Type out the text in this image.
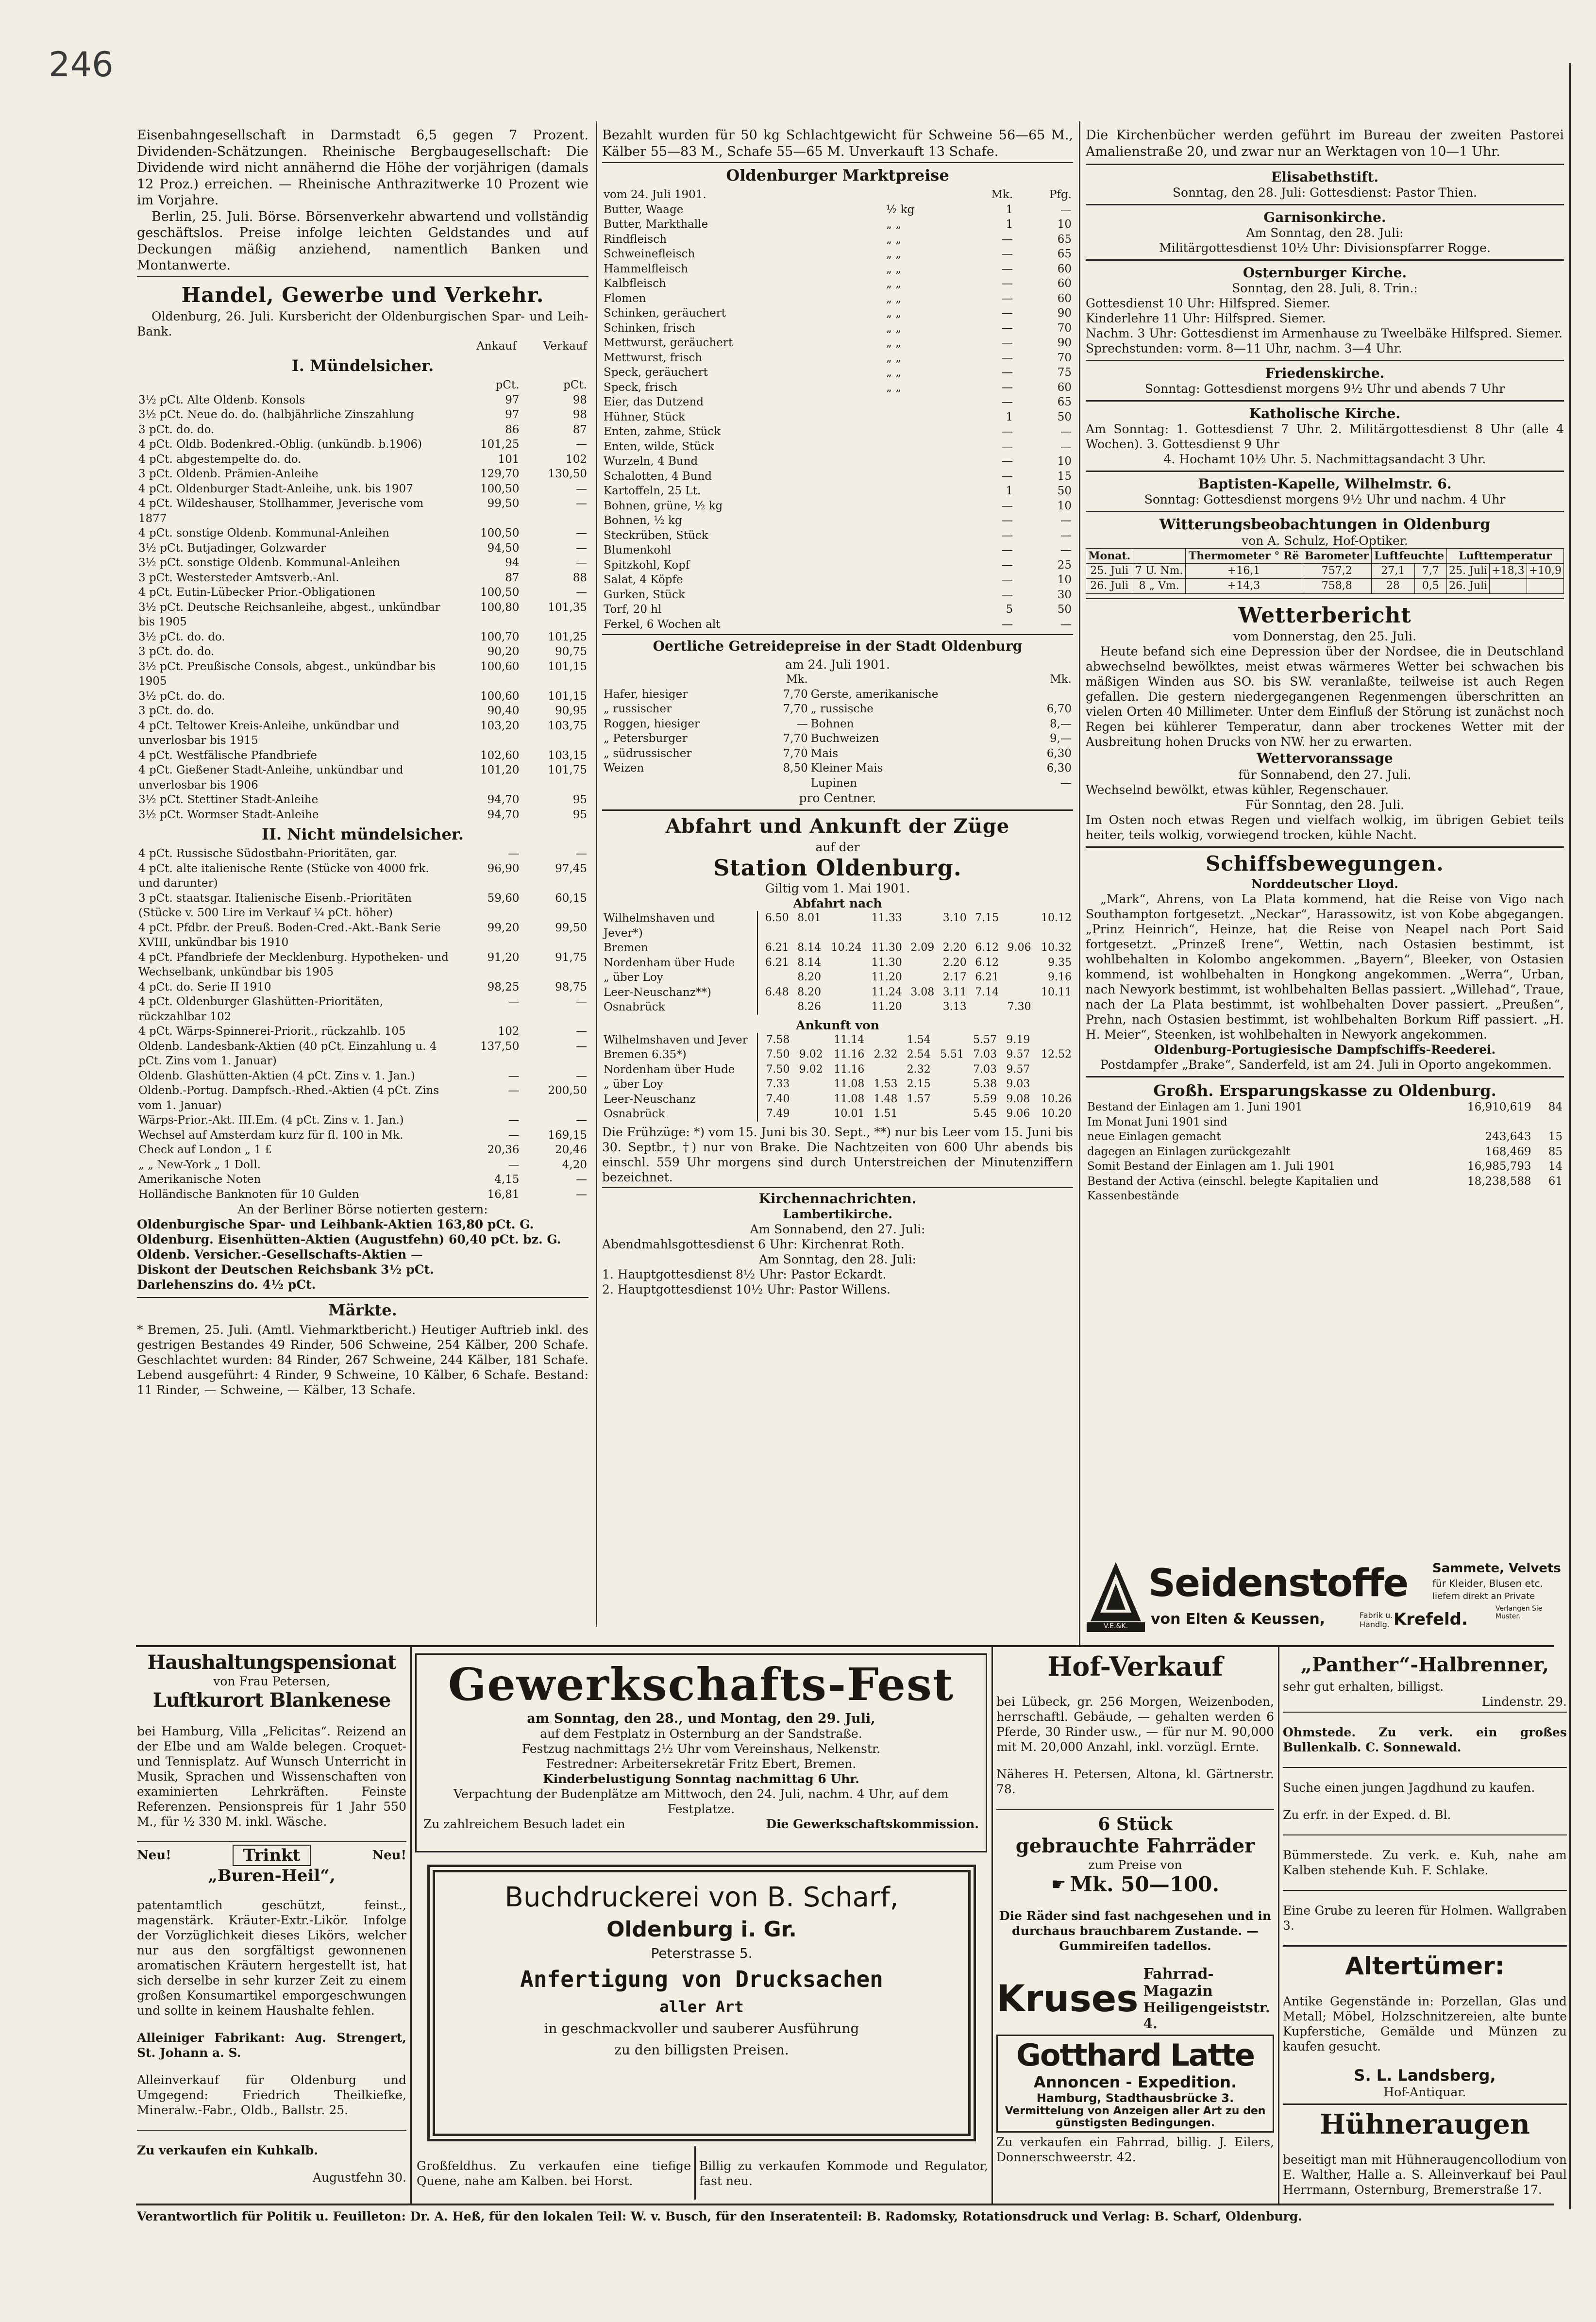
246

Eisenbahngesellschaft in Darmstadt 6,5 gegen 7 Prozent. Dividenden-Schätzungen. Rheinische Bergbaugesellschaft: Die Dividende wird nicht annähernd die Höhe der vorjährigen (damals 12 Proz.) erreichen. — Rheinische Anthrazitwerke 10 Prozent wie im Vorjahre.

Berlin, 25. Juli. Börse. Börsenverkehr abwartend und vollständig geschäftslos. Preise infolge leichten Geldstandes und auf Deckungen mäßig anziehend, namentlich Banken und Montanwerte.

Handel, Gewerbe und Verkehr.

Oldenburg, 26. Juli. Kursbericht der Oldenburgischen Spar- und Leih-Bank.

	Ankauf	Verkauf
I. Mündelsicher.
	pCt.	pCt.
3½ pCt. Alte Oldenb. Konsols	97	98
3½ pCt. Neue do. do. (halbjährliche Zinszahlung	97	98
3 pCt. do. do.	86	87
4 pCt. Oldb. Bodenkred.-Oblig. (unkündb. b.1906)	101,25	—
4 pCt. abgestempelte do. do.	101	102
3 pCt. Oldenb. Prämien-Anleihe	129,70	130,50
4 pCt. Oldenburger Stadt-Anleihe, unk. bis 1907	100,50	—
4 pCt. Wildeshauser, Stollhammer, Jeverische vom 1877	99,50	—
4 pCt. sonstige Oldenb. Kommunal-Anleihen	100,50	—
3½ pCt. Butjadinger, Golzwarder	94,50	—
3½ pCt. sonstige Oldenb. Kommunal-Anleihen	94	—
3 pCt. Westersteder Amtsverb.-Anl.	87	88
4 pCt. Eutin-Lübecker Prior.-Obligationen	100,50	—
3½ pCt. Deutsche Reichsanleihe, abgest., unkündbar bis 1905	100,80	101,35
3½ pCt. do. do.	100,70	101,25
3 pCt. do. do.	90,20	90,75
3½ pCt. Preußische Consols, abgest., unkündbar bis 1905	100,60	101,15
3½ pCt. do. do.	100,60	101,15
3 pCt. do. do.	90,40	90,95
4 pCt. Teltower Kreis-Anleihe, unkündbar und unverlosbar bis 1915	103,20	103,75
4 pCt. Westfälische Pfandbriefe	102,60	103,15
4 pCt. Gießener Stadt-Anleihe, unkündbar und unverlosbar bis 1906	101,20	101,75
3½ pCt. Stettiner Stadt-Anleihe	94,70	95
3½ pCt. Wormser Stadt-Anleihe	94,70	95
II. Nicht mündelsicher.
4 pCt. Russische Südostbahn-Prioritäten, gar.	—	—
4 pCt. alte italienische Rente (Stücke von 4000 frk. und darunter)	96,90	97,45
3 pCt. staatsgar. Italienische Eisenb.-Prioritäten (Stücke v. 500 Lire im Verkauf ¼ pCt. höher)	59,60	60,15
4 pCt. Pfdbr. der Preuß. Boden-Cred.-Akt.-Bank Serie XVIII, unkündbar bis 1910	99,20	99,50
4 pCt. Pfandbriefe der Mecklenburg. Hypotheken- und Wechselbank, unkündbar bis 1905	91,20	91,75
4 pCt. do. Serie II 1910	98,25	98,75
4 pCt. Oldenburger Glashütten-Prioritäten, rückzahlbar 102	—	—
4 pCt. Wärps-Spinnerei-Priorit., rückzahlb. 105	102	—
Oldenb. Landesbank-Aktien (40 pCt. Einzahlung u. 4 pCt. Zins vom 1. Januar)	137,50	—
Oldenb. Glashütten-Aktien (4 pCt. Zins v. 1. Jan.)	—	—
Oldenb.-Portug. Dampfsch.-Rhed.-Aktien (4 pCt. Zins vom 1. Januar)	—	200,50
Wärps-Prior.-Akt. III.Em. (4 pCt. Zins v. 1. Jan.)	—	—
Wechsel auf Amsterdam kurz für fl. 100 in Mk.	—	169,15
Check auf London „ 1 £	20,36	20,46
„ „ New-York „ 1 Doll.	—	4,20
Amerikanische Noten	4,15	—
Holländische Banknoten für 10 Gulden	16,81	—

An der Berliner Börse notierten gestern:

Oldenburgische Spar- und Leihbank-Aktien 163,80 pCt. G.

Oldenburg. Eisenhütten-Aktien (Augustfehn) 60,40 pCt. bz. G.

Oldenb. Versicher.-Gesellschafts-Aktien —

Diskont der Deutschen Reichsbank 3½ pCt.

Darlehenszins do. 4½ pCt.

Märkte.

* Bremen, 25. Juli. (Amtl. Viehmarktbericht.) Heutiger Auftrieb inkl. des gestrigen Bestandes 49 Rinder, 506 Schweine, 254 Kälber, 200 Schafe. Geschlachtet wurden: 84 Rinder, 267 Schweine, 244 Kälber, 181 Schafe. Lebend ausgeführt: 4 Rinder, 9 Schweine, 10 Kälber, 6 Schafe. Bestand: 11 Rinder, — Schweine, — Kälber, 13 Schafe.

Bezahlt wurden für 50 kg Schlachtgewicht für Schweine 56—65 M., Kälber 55—83 M., Schafe 55—65 M. Unverkauft 13 Schafe.

Oldenburger Marktpreise
vom 24. Juli 1901.		Mk.	Pfg.
Butter, Waage	½ kg	1	—
Butter, Markthalle	„ „	1	10
Rindfleisch	„ „	—	65
Schweinefleisch	„ „	—	65
Hammelfleisch	„ „	—	60
Kalbfleisch	„ „	—	60
Flomen	„ „	—	60
Schinken, geräuchert	„ „	—	90
Schinken, frisch	„ „	—	70
Mettwurst, geräuchert	„ „	—	90
Mettwurst, frisch	„ „	—	70
Speck, geräuchert	„ „	—	75
Speck, frisch	„ „	—	60
Eier, das Dutzend		—	65
Hühner, Stück		1	50
Enten, zahme, Stück		—	—
Enten, wilde, Stück		—	—
Wurzeln, 4 Bund		—	10
Schalotten, 4 Bund		—	15
Kartoffeln, 25 Lt.		1	50
Bohnen, grüne, ½ kg		—	10
Bohnen, ½ kg		—	—
Steckrüben, Stück		—	—
Blumenkohl		—	—
Spitzkohl, Kopf		—	25
Salat, 4 Köpfe		—	10
Gurken, Stück		—	30
Torf, 20 hl		5	50
Ferkel, 6 Wochen alt		—	—
Oertliche Getreidepreise in der Stadt Oldenburg
am 24. Juli 1901.
	Mk.		Mk.
Hafer, hiesiger	7,70	Gerste, amerikanische	
„ russischer	7,70	„ russische	6,70
Roggen, hiesiger	—	Bohnen	8,—
„ Petersburger	7,70	Buchweizen	9,—
„ südrussischer	7,70	Mais	6,30
Weizen	8,50	Kleiner Mais	6,30
		Lupinen	—
pro Centner.
Abfahrt und Ankunft der Züge
auf der
Station Oldenburg.
Giltig vom 1. Mai 1901.
Abfahrt nach
Wilhelmshaven und Jever*)	6.50	8.01		11.33		3.10	7.15		10.12
Bremen	6.21	8.14	10.24	11.30	2.09	2.20	6.12	9.06	10.32
Nordenham über Hude	6.21	8.14		11.30		2.20	6.12		9.35
„ über Loy		8.20		11.20		2.17	6.21		9.16
Leer-Neuschanz**)	6.48	8.20		11.24	3.08	3.11	7.14		10.11
Osnabrück		8.26		11.20		3.13		7.30	
Ankunft von
Wilhelmshaven und Jever	7.58		11.14		1.54		5.57	9.19	
Bremen 6.35*)	7.50	9.02	11.16	2.32	2.54	5.51	7.03	9.57	12.52
Nordenham über Hude	7.50	9.02	11.16		2.32		7.03	9.57	
„ über Loy	7.33		11.08	1.53	2.15		5.38	9.03	
Leer-Neuschanz	7.40		11.08	1.48	1.57		5.59	9.08	10.26
Osnabrück	7.49		10.01	1.51			5.45	9.06	10.20

Die Frühzüge: *) vom 15. Juni bis 30. Sept., **) nur bis Leer vom 15. Juni bis 30. Septbr., †) nur von Brake. Die Nachtzeiten von 600 Uhr abends bis einschl. 559 Uhr morgens sind durch Unterstreichen der Minutenziffern bezeichnet.

Kirchennachrichten.
Lambertikirche.

Am Sonnabend, den 27. Juli:

Abendmahlsgottesdienst 6 Uhr: Kirchenrat Roth.

Am Sonntag, den 28. Juli:

1. Hauptgottesdienst 8½ Uhr: Pastor Eckardt.

2. Hauptgottesdienst 10½ Uhr: Pastor Willens.

Die Kirchenbücher werden geführt im Bureau der zweiten Pastorei Amalienstraße 20, und zwar nur an Werktagen von 10—1 Uhr.

Elisabethstift.

Sonntag, den 28. Juli: Gottesdienst: Pastor Thien.

Garnisonkirche.

Am Sonntag, den 28. Juli:

Militärgottesdienst 10½ Uhr: Divisionspfarrer Rogge.

Osternburger Kirche.

Sonntag, den 28. Juli, 8. Trin.:

Gottesdienst 10 Uhr: Hilfspred. Siemer.

Kinderlehre 11 Uhr: Hilfspred. Siemer.

Nachm. 3 Uhr: Gottesdienst im Armenhause zu Tweelbäke Hilfspred. Siemer.

Sprechstunden: vorm. 8—11 Uhr, nachm. 3—4 Uhr.

Friedenskirche.

Sonntag: Gottesdienst morgens 9½ Uhr und abends 7 Uhr

Katholische Kirche.

Am Sonntag: 1. Gottesdienst 7 Uhr. 2. Militärgottesdienst 8 Uhr (alle 4 Wochen). 3. Gottesdienst 9 Uhr

4. Hochamt 10½ Uhr. 5. Nachmittagsandacht 3 Uhr.

Baptisten-Kapelle, Wilhelmstr. 6.

Sonntag: Gottesdienst morgens 9½ Uhr und nachm. 4 Uhr

Witterungsbeobachtungen in Oldenburg
von A. Schulz, Hof-Optiker.
Monat.		Thermometer ° Rë	Barometer	Luftfeuchte		Lufttemperatur		
25. Juli	7 U. Nm.	+16,1	757,2	27,1	7,7	25. Juli	+18,3	+10,9
26. Juli	8 „ Vm.	+14,3	758,8	28	0,5	26. Juli		
Wetterbericht
vom Donnerstag, den 25. Juli.

Heute befand sich eine Depression über der Nordsee, die in Deutschland abwechselnd bewölktes, meist etwas wärmeres Wetter bei schwachen bis mäßigen Winden aus SO. bis SW. veranlaßte, teilweise ist auch Regen gefallen. Die gestern niedergegangenen Regenmengen überschritten an vielen Orten 40 Millimeter. Unter dem Einfluß der Störung ist zunächst noch Regen bei kühlerer Temperatur, dann aber trockenes Wetter mit der Ausbreitung hohen Drucks von NW. her zu erwarten.

Wettervoranssage

für Sonnabend, den 27. Juli.

Wechselnd bewölkt, etwas kühler, Regenschauer.

Für Sonntag, den 28. Juli.

Im Osten noch etwas Regen und vielfach wolkig, im übrigen Gebiet teils heiter, teils wolkig, vorwiegend trocken, kühle Nacht.

Schiffsbewegungen.
Norddeutscher Lloyd.

„Mark“, Ahrens, von La Plata kommend, hat die Reise von Vigo nach Southampton fortgesetzt. „Neckar“, Harassowitz, ist von Kobe abgegangen. „Prinz Heinrich“, Heinze, hat die Reise von Neapel nach Port Said fortgesetzt. „Prinzeß Irene“, Wettin, nach Ostasien bestimmt, ist wohlbehalten in Kolombo angekommen. „Bayern“, Bleeker, von Ostasien kommend, ist wohlbehalten in Hongkong angekommen. „Werra“, Urban, nach Newyork bestimmt, ist wohlbehalten Bellas passiert. „Willehad“, Traue, nach der La Plata bestimmt, ist wohlbehalten Dover passiert. „Preußen“, Prehn, nach Ostasien bestimmt, ist wohlbehalten Borkum Riff passiert. „H. H. Meier“, Steenken, ist wohlbehalten in Newyork angekommen.

Oldenburg-Portugiesische Dampfschiffs-Reederei.

Postdampfer „Brake“, Sanderfeld, ist am 24. Juli in Oporto angekommen.

Großh. Ersparungskasse zu Oldenburg.
Bestand der Einlagen am 1. Juni 1901	16,910,619	84
Im Monat Juni 1901 sind		
neue Einlagen gemacht	243,643	15
dagegen an Einlagen zurückgezahlt	168,469	85
Somit Bestand der Einlagen am 1. Juli 1901	16,985,793	14
Bestand der Activa (einschl. belegte Kapitalien und Kassenbestände	18,238,588	61
V.E.&K.
Seidenstoffe
von Elten & Keussen,	Fabrik u. Handlg. Krefeld.
Sammete, Velvets
für Kleider, Blusen etc.
liefern direkt an Private
Verlangen Sie Muster.
Haushaltungspensionat
von Frau Petersen,
Luftkurort Blankenese

bei Hamburg, Villa „Felicitas“. Reizend an der Elbe und am Walde belegen. Croquet- und Tennisplatz. Auf Wunsch Unterricht in Musik, Sprachen und Wissenschaften von examinierten Lehrkräften. Feinste Referenzen. Pensionspreis für 1 Jahr 550 M., für ½ 330 M. inkl. Wäsche.

Neu!	Trinkt	Neu!
„Buren-Heil“,

patentamtlich geschützt, feinst., magenstärk. Kräuter-Extr.-Likör. Infolge der Vorzüglichkeit dieses Likörs, welcher nur aus den sorgfältigst gewonnenen aromatischen Kräutern hergestellt ist, hat sich derselbe in sehr kurzer Zeit zu einem großen Konsumartikel emporgeschwungen und sollte in keinem Haushalte fehlen.

Alleiniger Fabrikant: Aug. Strengert, St. Johann a. S.

Alleinverkauf für Oldenburg und Umgegend: Friedrich Theilkiefke, Mineralw.-Fabr., Oldb., Ballstr. 25.

Zu verkaufen ein Kuhkalb.

Augustfehn 30.

Gewerkschafts-Fest
am Sonntag, den 28., und Montag, den 29. Juli,
auf dem Festplatz in Osternburg an der Sandstraße.
Festzug nachmittags 2½ Uhr vom Vereinshaus, Nelkenstr.
Festredner: Arbeitersekretär Fritz Ebert, Bremen.
Kinderbelustigung Sonntag nachmittag 6 Uhr.
Verpachtung der Budenplätze am Mittwoch, den 24. Juli, nachm. 4 Uhr, auf dem Festplatze.
Zu zahlreichem Besuch ladet ein	Die Gewerkschaftskommission.
Buchdruckerei von B. Scharf,
Oldenburg i. Gr.
Peterstrasse 5.
Anfertigung von Drucksachen
aller Art
in geschmackvoller und sauberer Ausführung
zu den billigsten Preisen.

Großfeldhus. Zu verkaufen eine tiefige Quene, nahe am Kalben. bei Horst.

Billig zu verkaufen Kommode und Regulator, fast neu.

Hof-Verkauf

bei Lübeck, gr. 256 Morgen, Weizenboden, herrschaftl. Gebäude, — gehalten werden 6 Pferde, 30 Rinder usw., — für nur M. 90,000 mit M. 20,000 Anzahl, inkl. vorzügl. Ernte.

Näheres H. Petersen, Altona, kl. Gärtnerstr. 78.

6 Stück
gebrauchte Fahrräder
zum Preise von
☛ Mk. 50—100.

Die Räder sind fast nachgesehen und in durchaus brauchbarem Zustande. — Gummireifen tadellos.

Kruses
Fahrrad-Magazin
Heiligengeiststr. 4.
Gotthard Latte
Annoncen - Expedition.
Hamburg, Stadthausbrücke 3.
Vermittelung von Anzeigen aller Art zu den günstigsten Bedingungen.

Zu verkaufen ein Fahrrad, billig. J. Eilers, Donnerschweerstr. 42.

„Panther“-Halbrenner,
sehr gut erhalten, billigst.
Lindenstr. 29.

Ohmstede. Zu verk. ein großes Bullenkalb. C. Sonnewald.

Suche einen jungen Jagdhund zu kaufen.

Zu erfr. in der Exped. d. Bl.

Bümmerstede. Zu verk. e. Kuh, nahe am Kalben stehende Kuh. F. Schlake.

Eine Grube zu leeren für Holmen. Wallgraben 3.

Altertümer:

Antike Gegenstände in: Porzellan, Glas und Metall; Möbel, Holzschnitzereien, alte bunte Kupferstiche, Gemälde und Münzen zu kaufen gesucht.

S. L. Landsberg,
Hof-Antiquar.
Hühneraugen

beseitigt man mit Hühneraugencollodium von E. Walther, Halle a. S. Alleinverkauf bei Paul Herrmann, Osternburg, Bremerstraße 17.

Verantwortlich für Politik u. Feuilleton: Dr. A. Heß, für den lokalen Teil: W. v. Busch, für den Inseratenteil: B. Radomsky, Rotationsdruck und Verlag: B. Scharf, Oldenburg.
